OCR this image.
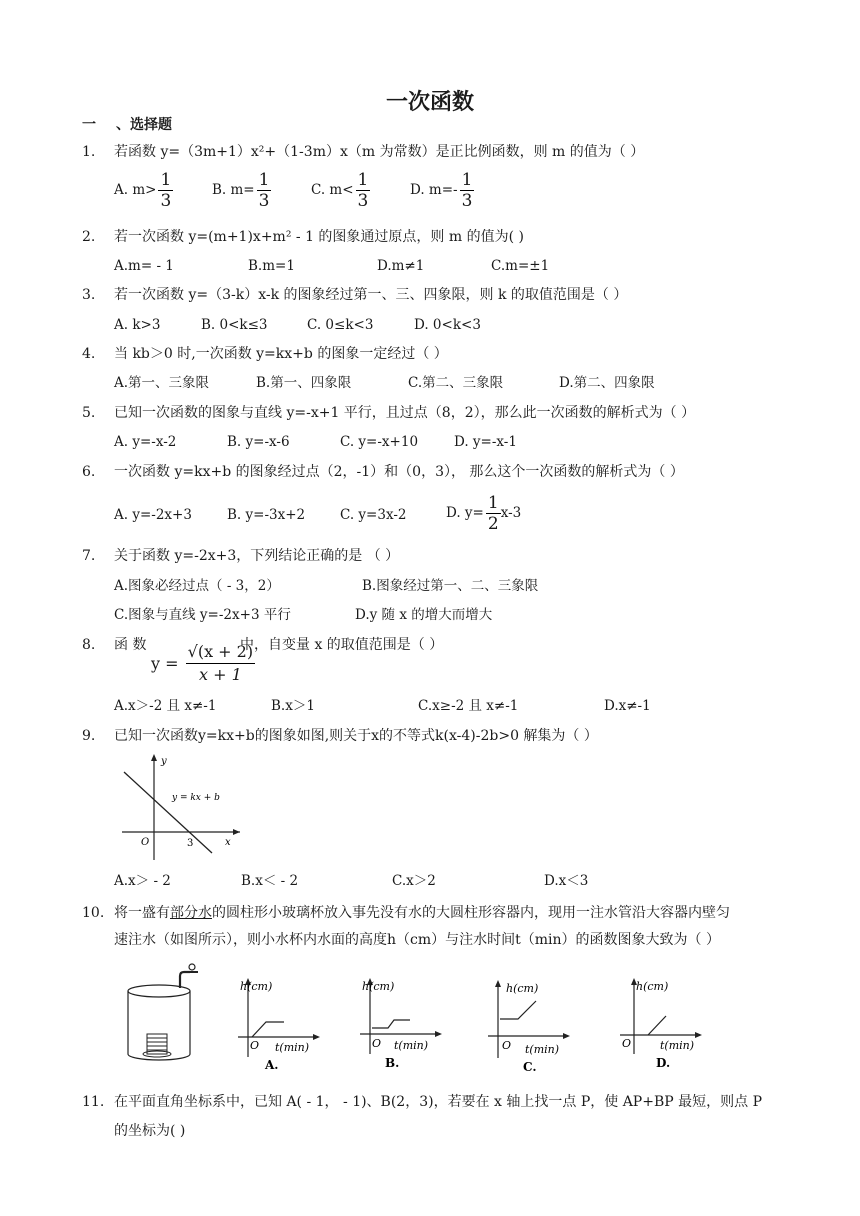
一次函数
一 、选择题
1. 若函数 y=（3m+1）x²+（1-3m）x（m 为常数）是正比例函数，则 m 的值为（ ）
A. $m> \frac{1}{3}$	B. $m= \frac{1}{3}$	C. $m< \frac{1}{3}$	D. $m=- \frac{1}{3}$
2. 若一次函数 y=(m+1)x+m² - 1 的图象通过原点，则 m 的值为( )
A.m= - 1	B.m=1	D.m≠1	C.m=±1
3. 若一次函数 y=（3-k）x-k 的图象经过第一、三、四象限，则 k 的取值范围是（ ）
A. k>3	B. 0<k≤3	C. 0≤k<3	D. 0<k<3
4. 当 kb＞0 时,一次函数 y=kx+b 的图象一定经过（ ）
A.第一、三象限	B.第一、四象限	C.第二、三象限	D.第二、四象限
5. 已知一次函数的图象与直线 y=-x+1 平行，且过点（8，2），那么此一次函数的解析式为（ ）
A. y=-x-2	B. y=-x-6	C. y=-x+10	D. y=-x-1
6. 一次函数 y=kx+b 的图象经过点（2，-1）和（0，3）， 那么这个一次函数的解析式为（ ）
A. y=-2x+3	B. y=-3x+2	C. y=3x-2	D. $y= \frac{1}{2} x-3$
7. 关于函数 y=-2x+3，下列结论正确的是 （ ）
A.图象必经过点（ - 3，2）	B.图象经过第一、二、三象限
C.图象与直线 y=-2x+3 平行	D.y 随 x 的增大而增大
8. 函 数
$y = \frac{√(x + 2)}{x + 1}$
中，自变量 x 的取值范围是（ ）
A.x＞-2 且 x≠-1	B.x＞1	C.x≥-2 且 x≠-1	D.x≠-1
9. 已知一次函数y=kx+b的图象如图,则关于x的不等式k(x-4)-2b>0 解集为（ ）
y
x
O	3
y = kx + b
A.x＞ - 2	B.x＜ - 2	C.x＞2	D.x＜3
10. 将一盛有部分水的圆柱形小玻璃杯放入事先没有水的大圆柱形容器内，现用一注水管沿大容器内壁匀
速注水（如图所示），则小水杯内水面的高度h（cm）与注水时间t（min）的函数图象大致为（ ）
h(cm)
O t(min)
A.
h(cm)
O t(min)
B.
h(cm)
O t(min)
C.
h(cm)
O	t(min)
D.
11. 在平面直角坐标系中，已知 A( - 1， - 1)、B(2，3)，若要在 x 轴上找一点 P，使 AP+BP 最短，则点 P
的坐标为( )
